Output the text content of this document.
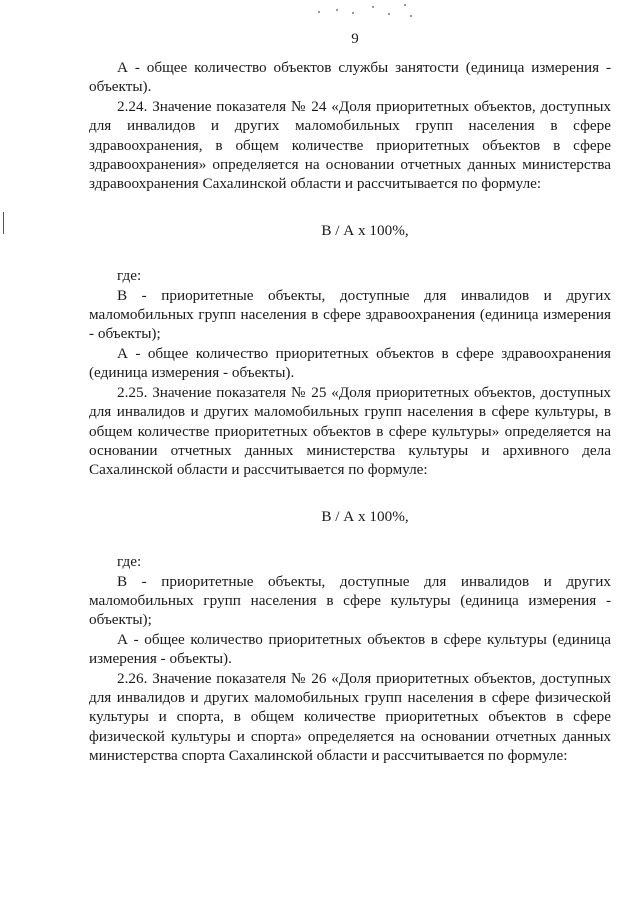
9

А - общее количество объектов службы занятости (единица измерения - объекты).

2.24. Значение показателя № 24 «Доля приоритетных объектов, доступных для инвалидов и других маломобильных групп населения в сфере здравоохранения, в общем количестве приоритетных объектов в сфере здравоохранения» определяется на основании отчетных данных министерства здравоохранения Сахалинской области и рассчитывается по формуле:

В / А х 100%,

где:

В - приоритетные объекты, доступные для инвалидов и других маломобильных групп населения в сфере здравоохранения (единица измерения - объекты);

А - общее количество приоритетных объектов в сфере здравоохранения (единица измерения - объекты).

2.25. Значение показателя № 25 «Доля приоритетных объектов, доступных для инвалидов и других маломобильных групп населения в сфере культуры, в общем количестве приоритетных объектов в сфере культуры» определяется на основании отчетных данных министерства культуры и архивного дела Сахалинской области и рассчитывается по формуле:

В / А х 100%,

где:

В - приоритетные объекты, доступные для инвалидов и других маломобильных групп населения в сфере культуры (единица измерения - объекты);

А - общее количество приоритетных объектов в сфере культуры (единица измерения - объекты).

2.26. Значение показателя № 26 «Доля приоритетных объектов, доступных для инвалидов и других маломобильных групп населения в сфере физической культуры и спорта, в общем количестве приоритетных объектов в сфере физической культуры и спорта» определяется на основании отчетных данных министерства спорта Сахалинской области и рассчитывается по формуле:
